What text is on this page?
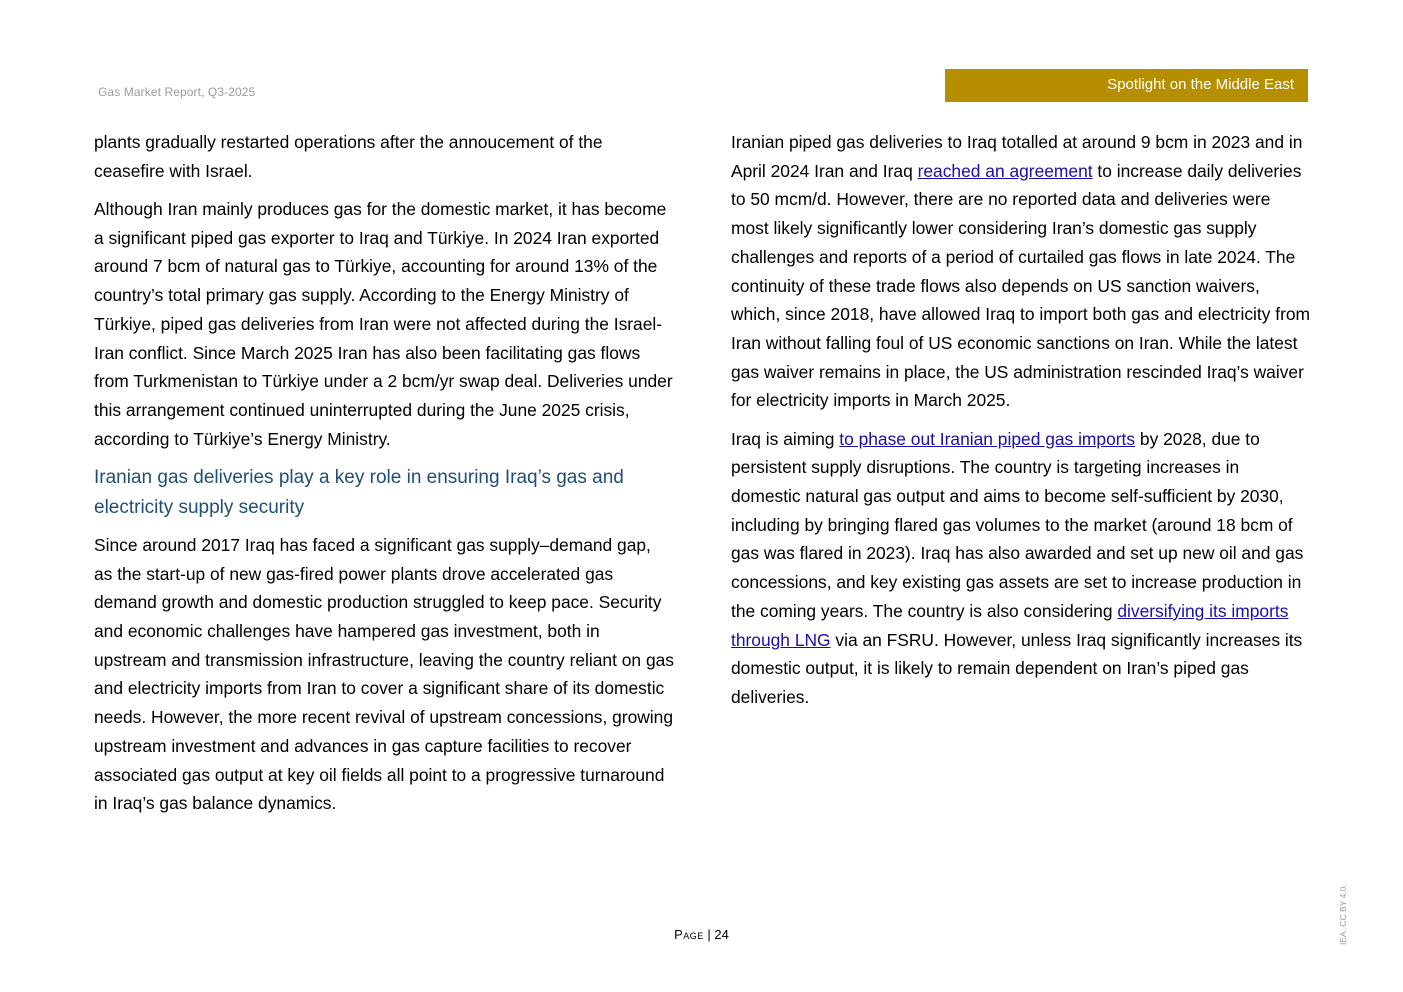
Gas Market Report, Q3-2025	Spotlight on the Middle East

plants gradually restarted operations after the annoucement of the ceasefire with Israel.

Although Iran mainly produces gas for the domestic market, it has become a significant piped gas exporter to Iraq and Türkiye. In 2024 Iran exported around 7 bcm of natural gas to Türkiye, accounting for around 13% of the country’s total primary gas supply. According to the Energy Ministry of Türkiye, piped gas deliveries from Iran were not affected during the Israel-Iran conflict. Since March 2025 Iran has also been facilitating gas flows from Turkmenistan to Türkiye under a 2 bcm/yr swap deal. Deliveries under this arrangement continued uninterrupted during the June 2025 crisis, according to Türkiye’s Energy Ministry.

Iranian gas deliveries play a key role in ensuring Iraq’s gas and electricity supply security

Since around 2017 Iraq has faced a significant gas supply–demand gap, as the start-up of new gas-fired power plants drove accelerated gas demand growth and domestic production struggled to keep pace. Security and economic challenges have hampered gas investment, both in upstream and transmission infrastructure, leaving the country reliant on gas and electricity imports from Iran to cover a significant share of its domestic needs. However, the more recent revival of upstream concessions, growing upstream investment and advances in gas capture facilities to recover associated gas output at key oil fields all point to a progressive turnaround in Iraq’s gas balance dynamics.

Iranian piped gas deliveries to Iraq totalled at around 9 bcm in 2023 and in April 2024 Iran and Iraq reached an agreement to increase daily deliveries to 50 mcm/d. However, there are no reported data and deliveries were most likely significantly lower considering Iran’s domestic gas supply challenges and reports of a period of curtailed gas flows in late 2024. The continuity of these trade flows also depends on US sanction waivers, which, since 2018, have allowed Iraq to import both gas and electricity from Iran without falling foul of US economic sanctions on Iran. While the latest gas waiver remains in place, the US administration rescinded Iraq’s waiver for electricity imports in March 2025.

Iraq is aiming to phase out Iranian piped gas imports by 2028, due to persistent supply disruptions. The country is targeting increases in domestic natural gas output and aims to become self-sufficient by 2030, including by bringing flared gas volumes to the market (around 18 bcm of gas was flared in 2023). Iraq has also awarded and set up new oil and gas concessions, and key existing gas assets are set to increase production in the coming years. The country is also considering diversifying its imports through LNG via an FSRU. However, unless Iraq significantly increases its domestic output, it is likely to remain dependent on Iran’s piped gas deliveries.

Page | 24	IEA. CC BY 4.0.
